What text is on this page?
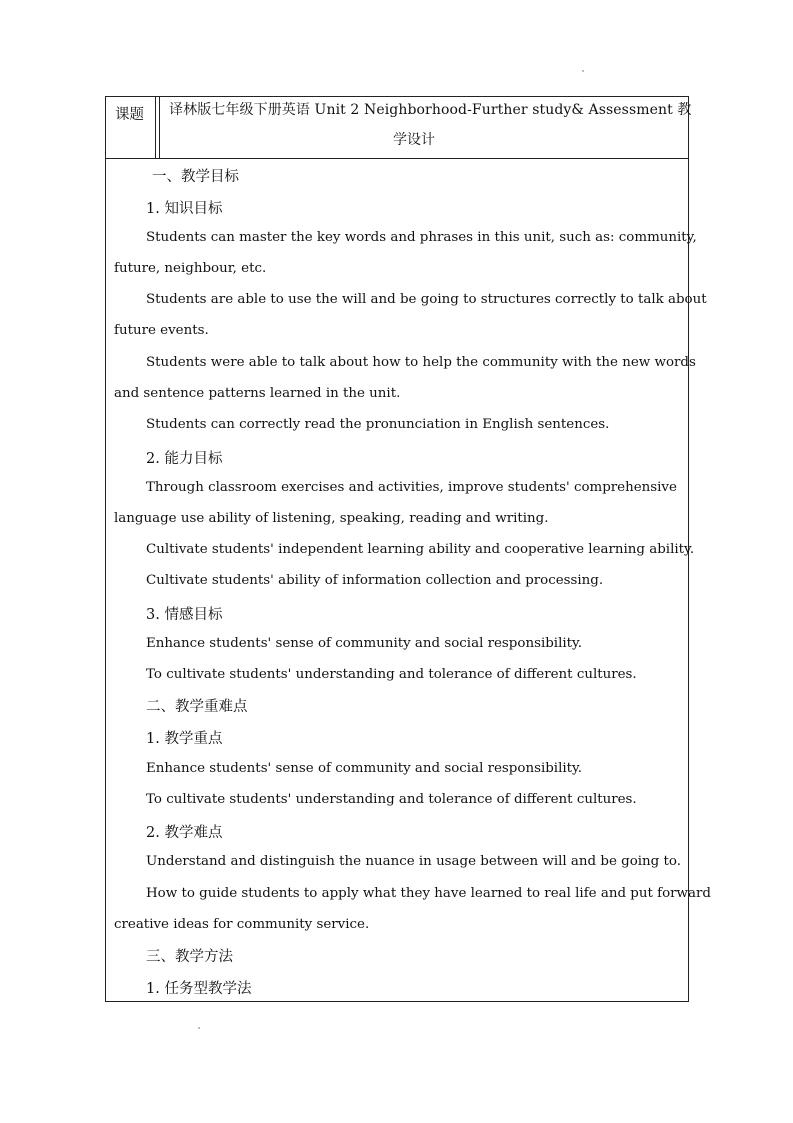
课题 译林版七年级下册英语 Unit 2 Neighborhood-Further study& Assessment 教
学设计
一、教学目标
1. 知识目标
Students can master the key words and phrases in this unit, such as: community,
future, neighbour, etc.
Students are able to use the will and be going to structures correctly to talk about
future events.
Students were able to talk about how to help the community with the new words
and sentence patterns learned in the unit.
Students can correctly read the pronunciation in English sentences.
2. 能力目标
Through classroom exercises and activities, improve students' comprehensive
language use ability of listening, speaking, reading and writing.
Cultivate students' independent learning ability and cooperative learning ability.
Cultivate students' ability of information collection and processing.
3. 情感目标
Enhance students' sense of community and social responsibility.
To cultivate students' understanding and tolerance of different cultures.
二、教学重难点
1. 教学重点
Enhance students' sense of community and social responsibility.
To cultivate students' understanding and tolerance of different cultures.
2. 教学难点
Understand and distinguish the nuance in usage between will and be going to.
How to guide students to apply what they have learned to real life and put forward
creative ideas for community service.
三、教学方法
1. 任务型教学法
